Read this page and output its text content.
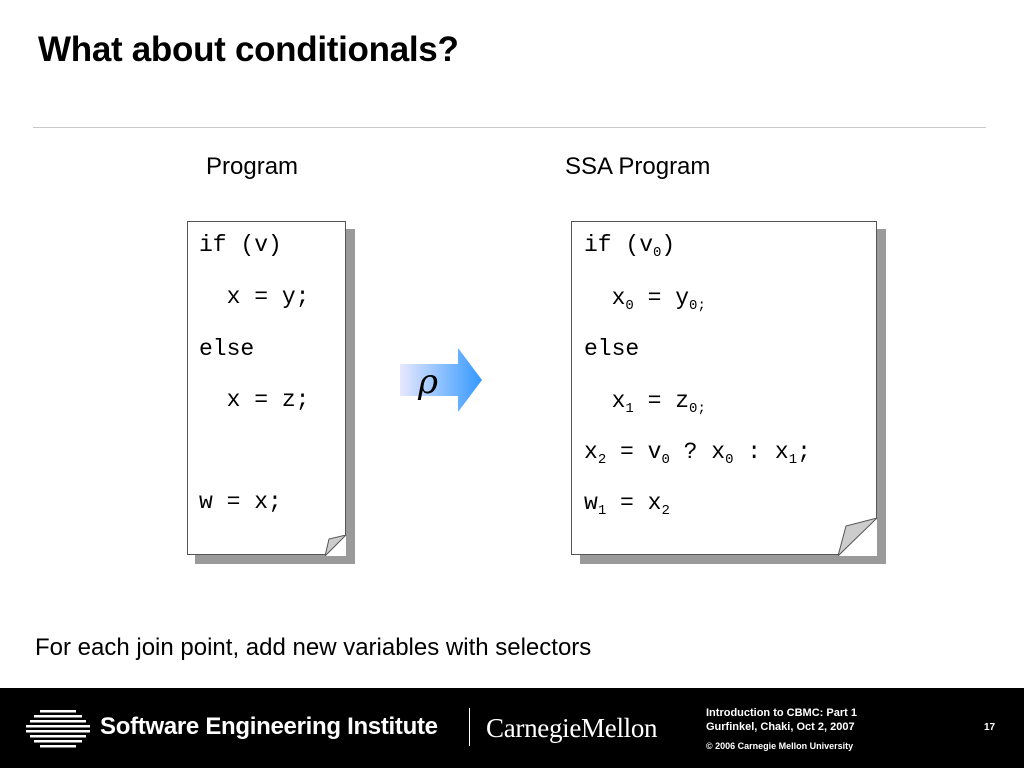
What about conditionals?
Program	SSA Program
if (v)
x = y;
else
x = z;
w = x;
ρ
if $(v_0)$
$x_0 = y_{0;}$
else
$x_1 = z_{0;}$
$x_2 = v_0$ ? $x_0$ : $x_1$;
$w_1 = x_2$
For each join point, add new variables with selectors
Software Engineering Institute CarnegieMellon	Introduction to CBMC: Part 1
Gurfinkel, Chaki, Oct 2, 2007
© 2006 Carnegie Mellon University
17
